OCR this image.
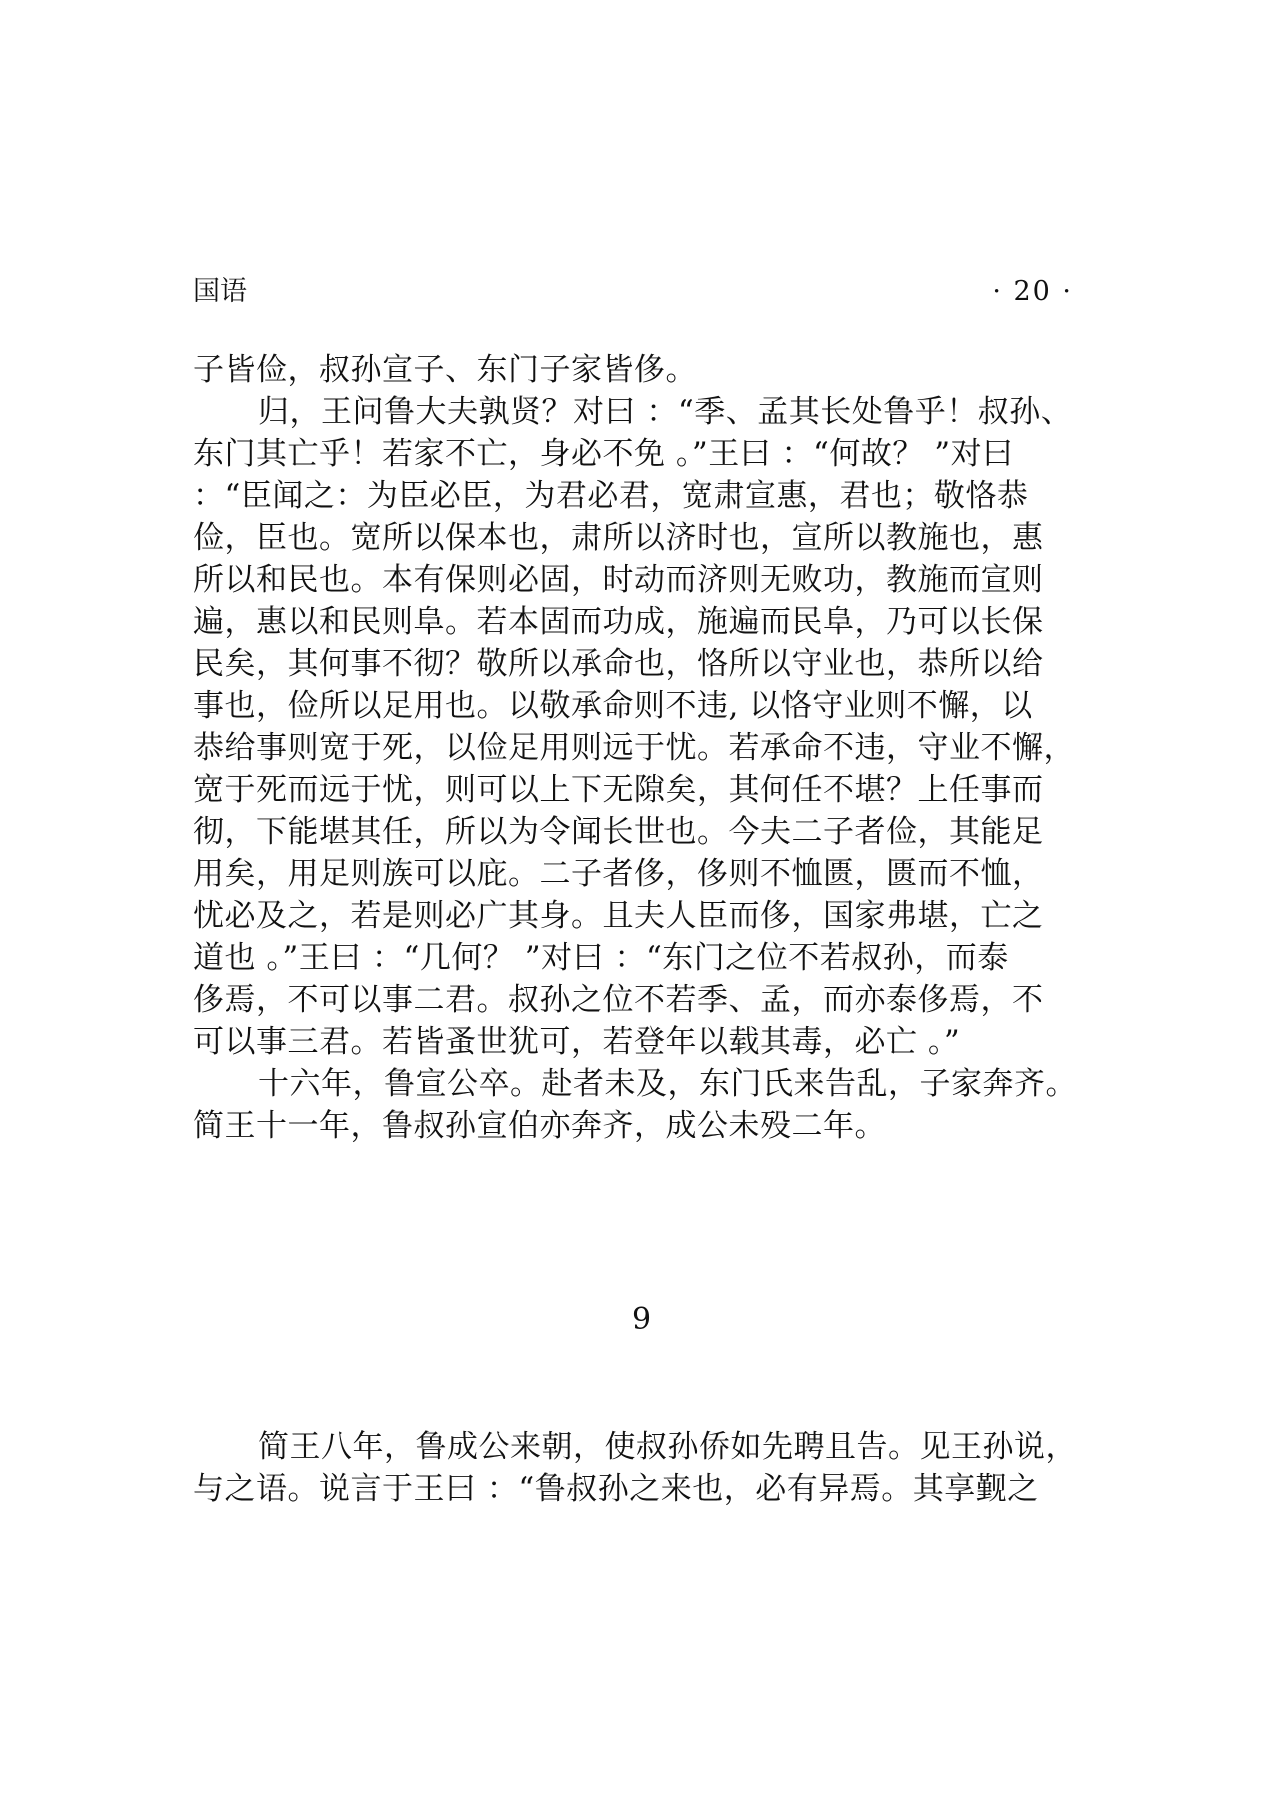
国语	· 20 ·
子皆俭，叔孙宣子、东门子家皆侈。
归，王问鲁大夫孰贤？对曰 ：“季、孟其长处鲁乎！叔孙、
东门其亡乎！若家不亡，身必不免 。”王曰 ：“何故？ ”对曰
：“臣闻之：为臣必臣，为君必君，宽肃宣惠，君也；敬恪恭
俭，臣也。宽所以保本也，肃所以济时也，宣所以教施也，惠
所以和民也。本有保则必固，时动而济则无败功，教施而宣则
遍，惠以和民则阜。若本固而功成，施遍而民阜，乃可以长保
民矣，其何事不彻？敬所以承命也，恪所以守业也，恭所以给
事也，俭所以足用也。以敬承命则不违, 以恪守业则不懈，以
恭给事则宽于死，以俭足用则远于忧。若承命不违，守业不懈，
宽于死而远于忧，则可以上下无隙矣，其何任不堪？上任事而
彻，下能堪其任，所以为令闻长世也。今夫二子者俭，其能足
用矣，用足则族可以庇。二子者侈，侈则不恤匮，匮而不恤，
忧必及之，若是则必广其身。且夫人臣而侈，国家弗堪，亡之
道也 。”王曰 ：“几何？ ”对曰 ：“东门之位不若叔孙，而泰
侈焉，不可以事二君。叔孙之位不若季、孟，而亦泰侈焉，不
可以事三君。若皆蚤世犹可，若登年以载其毒，必亡 。”
十六年，鲁宣公卒。赴者未及，东门氏来告乱，子家奔齐。
简王十一年，鲁叔孙宣伯亦奔齐，成公未殁二年。
9
简王八年，鲁成公来朝，使叔孙侨如先聘且告。见王孙说，
与之语。说言于王曰 ：“鲁叔孙之来也，必有异焉。其享觐之
